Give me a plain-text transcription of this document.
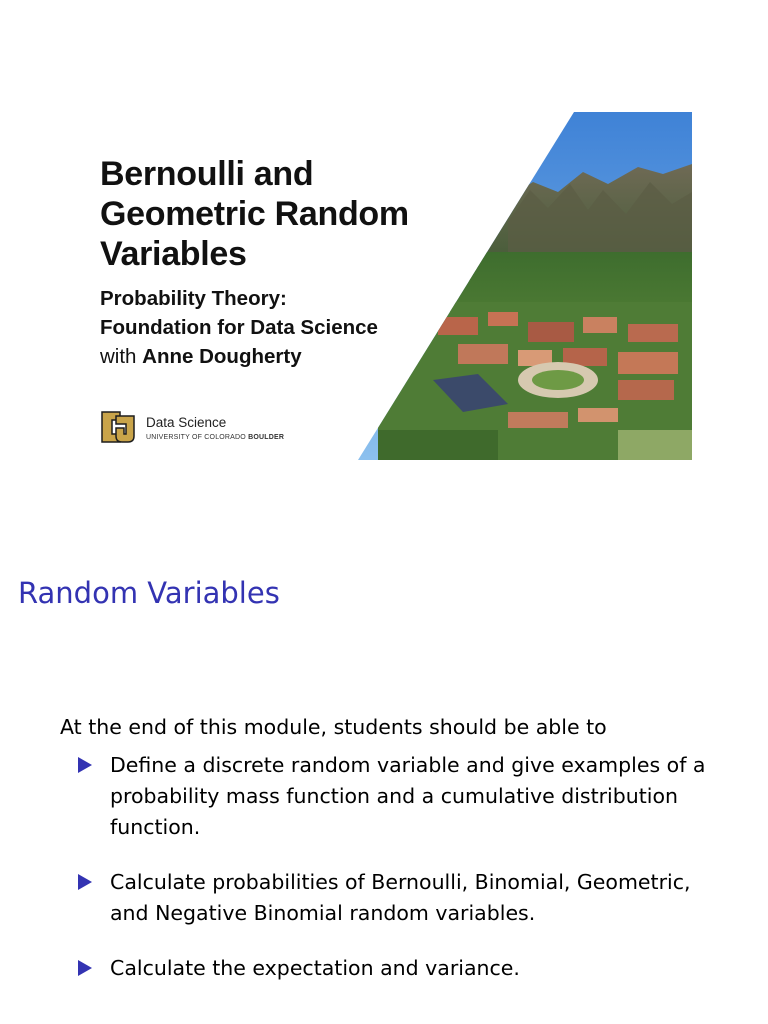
Bernoulli and
Geometric Random
Variables
Probability Theory:
Foundation for Data Science
with Anne Dougherty
Data Science
UNIVERSITY OF COLORADO BOULDER
Random Variables

At the end of this module, students should be able to

Define a discrete random variable and give examples of a
probability mass function and a cumulative distribution
function.
Calculate probabilities of Bernoulli, Binomial, Geometric,
and Negative Binomial random variables.
Calculate the expectation and variance.
